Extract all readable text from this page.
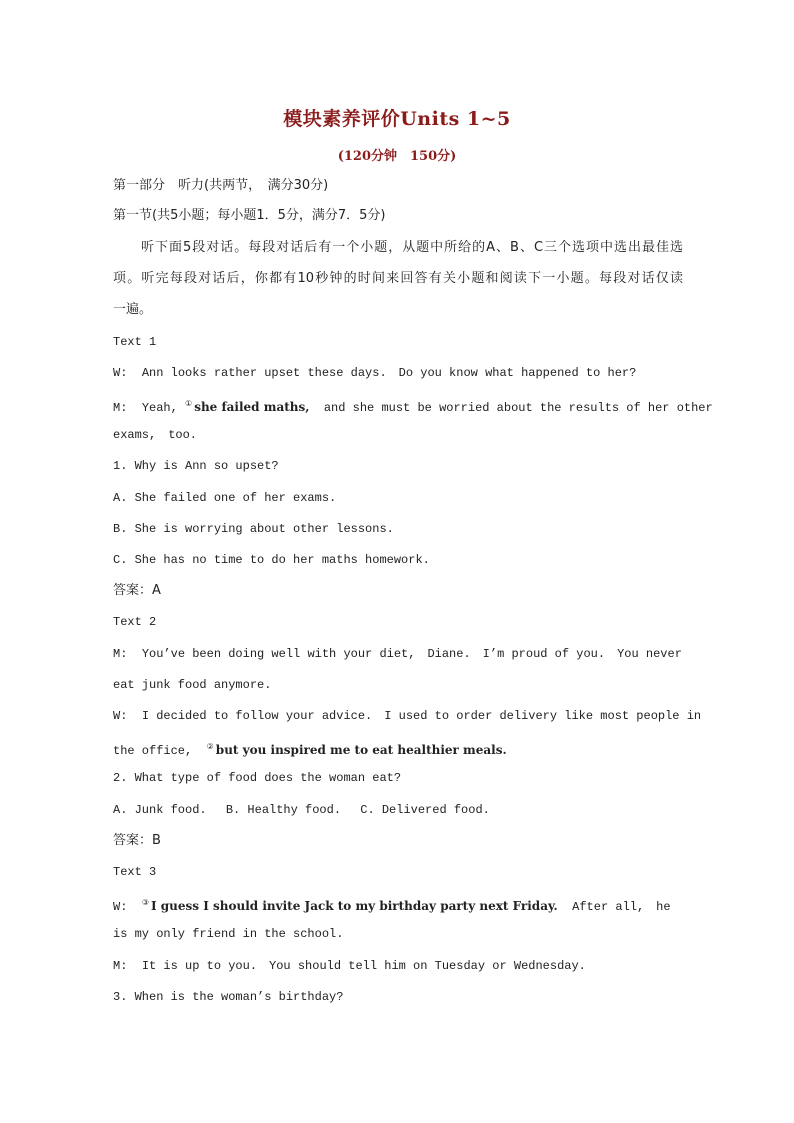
模块素养评价Units 1~5
(120分钟　150分)
第一部分　听力(共两节，　满分30分)
第一节(共5小题；每小题1．5分，满分7．5分)
听下面5段对话。每段对话后有一个小题，从题中所给的A、B、C三个选项中选出最佳选
项。听完每段对话后，你都有10秒钟的时间来回答有关小题和阅读下一小题。每段对话仅读
一遍。
Text 1
W: Ann looks rather upset these days.　Do you know what happened to her?
M: Yeah, ① she failed maths, and she must be worried about the results of her other
exams,　too.
1. Why is Ann so upset?
A. She failed one of her exams.
B. She is worrying about other lessons.
C. She has no time to do her maths homework.
答案：A
Text 2
M: You’ve been doing well with your diet,　Diane.　I’m proud of you.　You never
eat junk food anymore.
W: I decided to follow your advice.　I used to order delivery like most people in
the office, ② but you inspired me to eat healthier meals.
2. What type of food does the woman eat?
A. Junk food.　 B. Healthy food.　 C. Delivered food.
答案：B
Text 3
W: ③ I guess I should invite Jack to my birthday party next Friday. After all,　he
is my only friend in the school.
M: It is up to you.　You should tell him on Tuesday or Wednesday.
3. When is the woman’s birthday?
